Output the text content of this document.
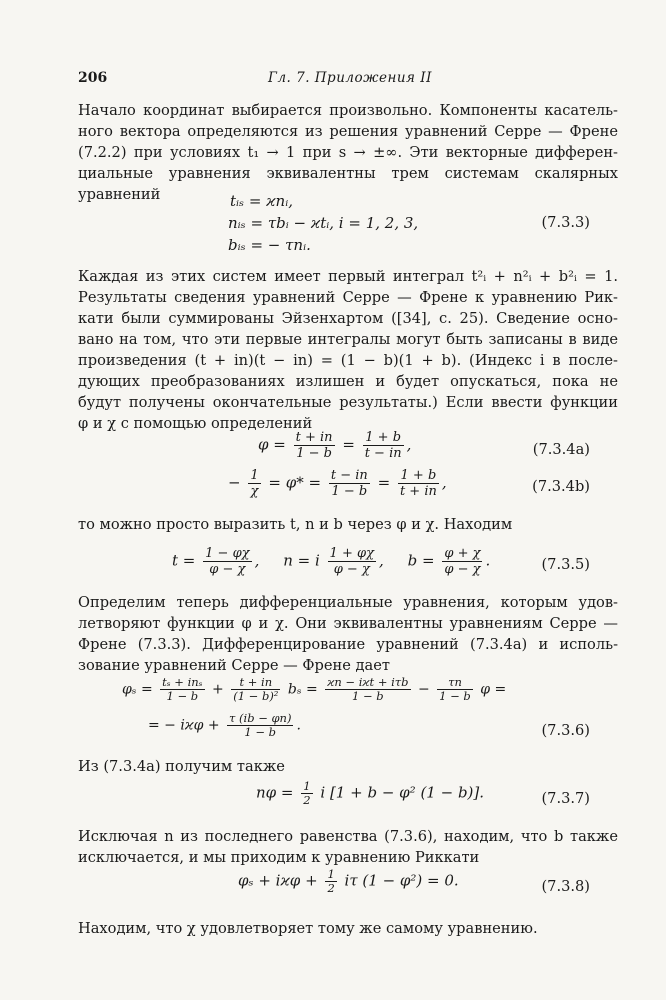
206	Гл. 7. Приложения II
Начало координат выбирается произвольно. Компоненты касатель-
ного вектора определяются из решения уравнений Серре — Френе
(7.2.2) при условиях t₁ → 1 при s → ±∞. Эти векторные дифферен-
циальные уравнения эквивалентны трем системам скалярных
уравнений	tᵢₛ = ϰnᵢ,
nᵢₛ = τbᵢ − ϰtᵢ, i = 1, 2, 3,
bᵢₛ = − τnᵢ.
(7.3.3)
Каждая из этих систем имеет первый интеграл t²ᵢ + n²ᵢ + b²ᵢ = 1.
Результаты сведения уравнений Серре — Френе к уравнению Рик-
кати были суммированы Эйзенхартом ([34], с. 25). Сведение осно-
вано на том, что эти первые интегралы могут быть записаны в виде
произведения (t + in)(t − in) = (1 − b)(1 + b). (Индекс i в после-
дующих преобразованиях излишен и будет опускаться, пока не
будут получены окончательные результаты.) Если ввести функции
φ и χ с помощью определений
$\varphi = \frac{t + in}{1 - b} = \frac{1 + b}{t - in}$ ,	(7.3.4a)
− $\frac{1}{\chi} = \varphi* = \frac{t - in}{1 - b} = \frac{1 + b}{t + in}$ ,	(7.3.4b)
то можно просто выразить t, n и b через φ и χ. Находим
$t = \frac{1 - \varphi\chi}{\varphi - \chi}$ , n = i $\frac{1 + \varphi\chi}{\varphi - \chi}$ , $b = \frac{\varphi + \chi}{\varphi - \chi}$ .	(7.3.5)
Определим теперь дифференциальные уравнения, которым удов-
летворяют функции φ и χ. Они эквивалентны уравнениям Серре —
Френе (7.3.3). Дифференцирование уравнений (7.3.4a) и исполь-
зование уравнений Серре — Френе дает
$\varphi_s = \frac{\text{tₛ + inₛ}}{1 - b} + \frac{t + in}{\text{(1 − b)²}}$ $b_s = \frac{\text{ϰn − iϰt + iτb}}{1 - b} - \frac{\tau n}{1 - b}$ φ =
= − $iϰ\varphi + \frac{\tau (ib - \varphi n)}{1 - b}$ .	(7.3.6)
Из (7.3.4a) получим также
$n\varphi = \frac{1}{2}$ i [1 + b − φ² (1 − b)].	(7.3.7)
Исключая n из последнего равенства (7.3.6), находим, что b также
исключается, и мы приходим к уравнению Риккати
$\varphi_s + iϰ\varphi + \frac{1}{2}$ iτ (1 − φ²) = 0.	(7.3.8)
Находим, что χ удовлетворяет тому же самому уравнению.
